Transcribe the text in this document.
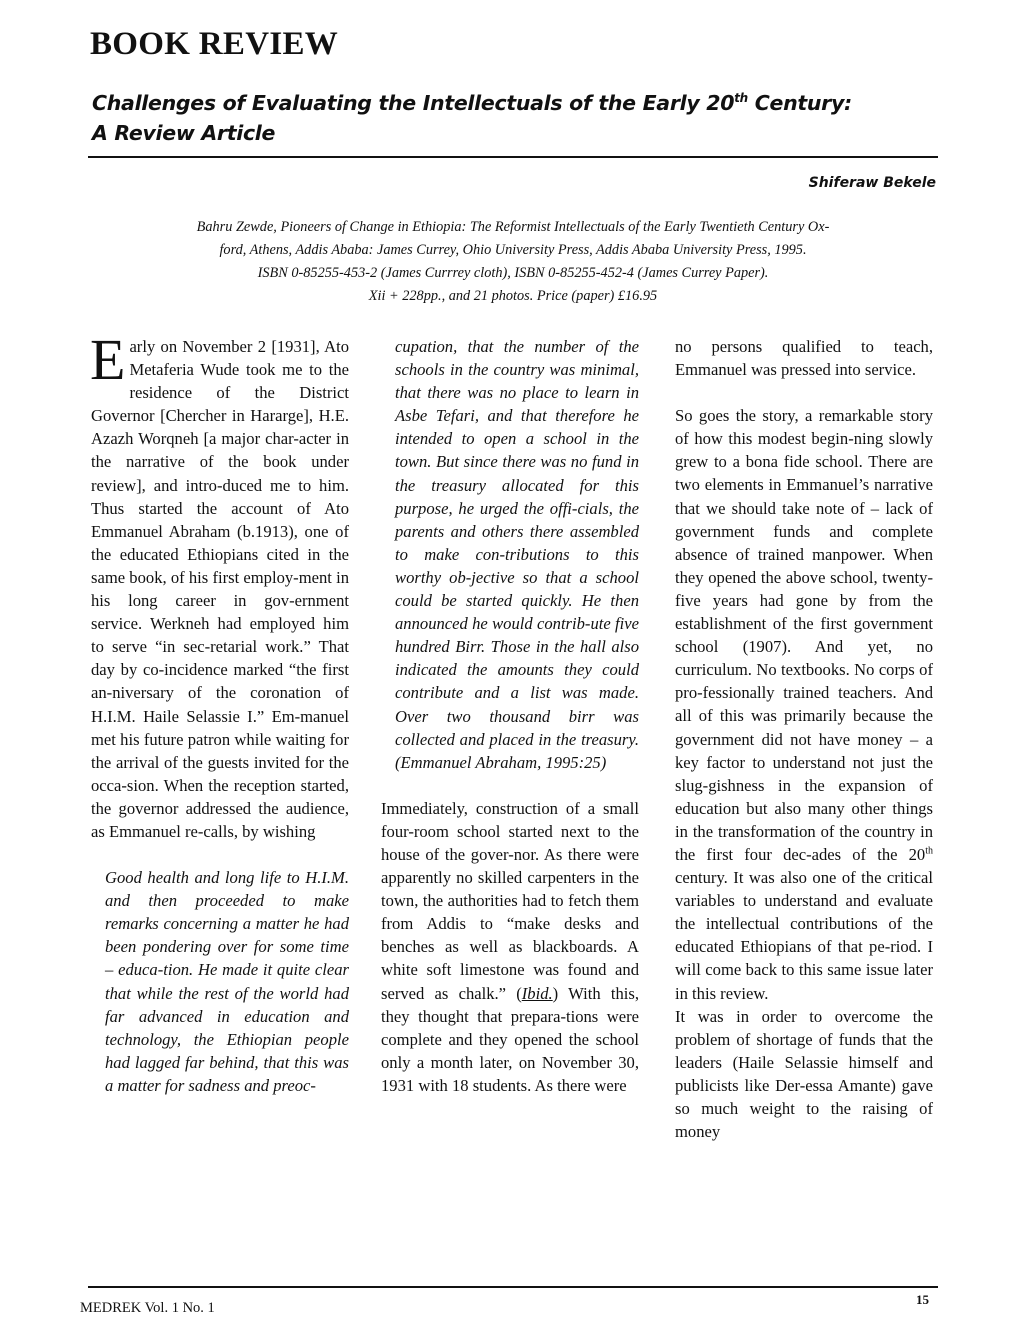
BOOK REVIEW
Challenges of Evaluating the Intellectuals of the Early 20th Century:
A Review Article

Shiferaw Bekele

Bahru Zewde, Pioneers of Change in Ethiopia: The Reformist Intellectuals of the Early Twentieth Century Ox-
ford, Athens, Addis Ababa: James Currey, Ohio University Press, Addis Ababa University Press, 1995.
ISBN 0-85255-453-2 (James Currrey cloth), ISBN 0-85255-452-4 (James Currey Paper).
Xii + 228pp., and 21 photos. Price (paper) £16.95

Early on November 2 [1931], Ato Metaferia Wude took me to the residence of the District Governor [Chercher in Hararge], H.E. Azazh Worqneh [a major char-acter in the narrative of the book under review], and intro-duced me to him. Thus started the account of Ato Emmanuel Abraham (b.1913), one of the educated Ethiopians cited in the same book, of his first employ-ment in his long career in gov-ernment service. Werkneh had employed him to serve “in sec-retarial work.” That day by co-incidence marked “the first an-niversary of the coronation of H.I.M. Haile Selassie I.” Em-manuel met his future patron while waiting for the arrival of the guests invited for the occa-sion. When the reception started, the governor addressed the audience, as Emmanuel re-calls, by wishing

Good health and long life to H.I.M. and then proceeded to make remarks concerning a matter he had been pondering over for some time – educa-tion. He made it quite clear that while the rest of the world had far advanced in education and technology, the Ethiopian people had lagged far behind, that this was a matter for sadness and preoc-

cupation, that the number of the schools in the country was minimal, that there was no place to learn in Asbe Tefari, and that therefore he intended to open a school in the town. But since there was no fund in the treasury allocated for this purpose, he urged the offi-cials, the parents and others there assembled to make con-tributions to this worthy ob-jective so that a school could be started quickly. He then announced he would contrib-ute five hundred Birr. Those in the hall also indicated the amounts they could contribute and a list was made. Over two thousand birr was collected and placed in the treasury. (Emmanuel Abraham, 1995:25)

Immediately, construction of a small four-room school started next to the house of the gover-nor. As there were apparently no skilled carpenters in the town, the authorities had to fetch them from Addis to “make desks and benches as well as blackboards. A white soft limestone was found and served as chalk.” (Ibid.) With this, they thought that prepara-tions were complete and they opened the school only a month later, on November 30, 1931 with 18 students. As there were

no persons qualified to teach, Emmanuel was pressed into service.

So goes the story, a remarkable story of how this modest begin-ning slowly grew to a bona fide school. There are two elements in Emmanuel’s narrative that we should take note of – lack of government funds and complete absence of trained manpower. When they opened the above school, twenty-five years had gone by from the establishment of the first government school (1907). And yet, no curriculum. No textbooks. No corps of pro-fessionally trained teachers. And all of this was primarily because the government did not have money – a key factor to understand not just the slug-gishness in the expansion of education but also many other things in the transformation of the country in the first four dec-ades of the 20th century. It was also one of the critical variables to understand and evaluate the intellectual contributions of the educated Ethiopians of that pe-riod. I will come back to this same issue later in this review.

It was in order to overcome the problem of shortage of funds that the leaders (Haile Selassie himself and publicists like Der-essa Amante) gave so much weight to the raising of money

MEDREK Vol. 1 No. 1

15
